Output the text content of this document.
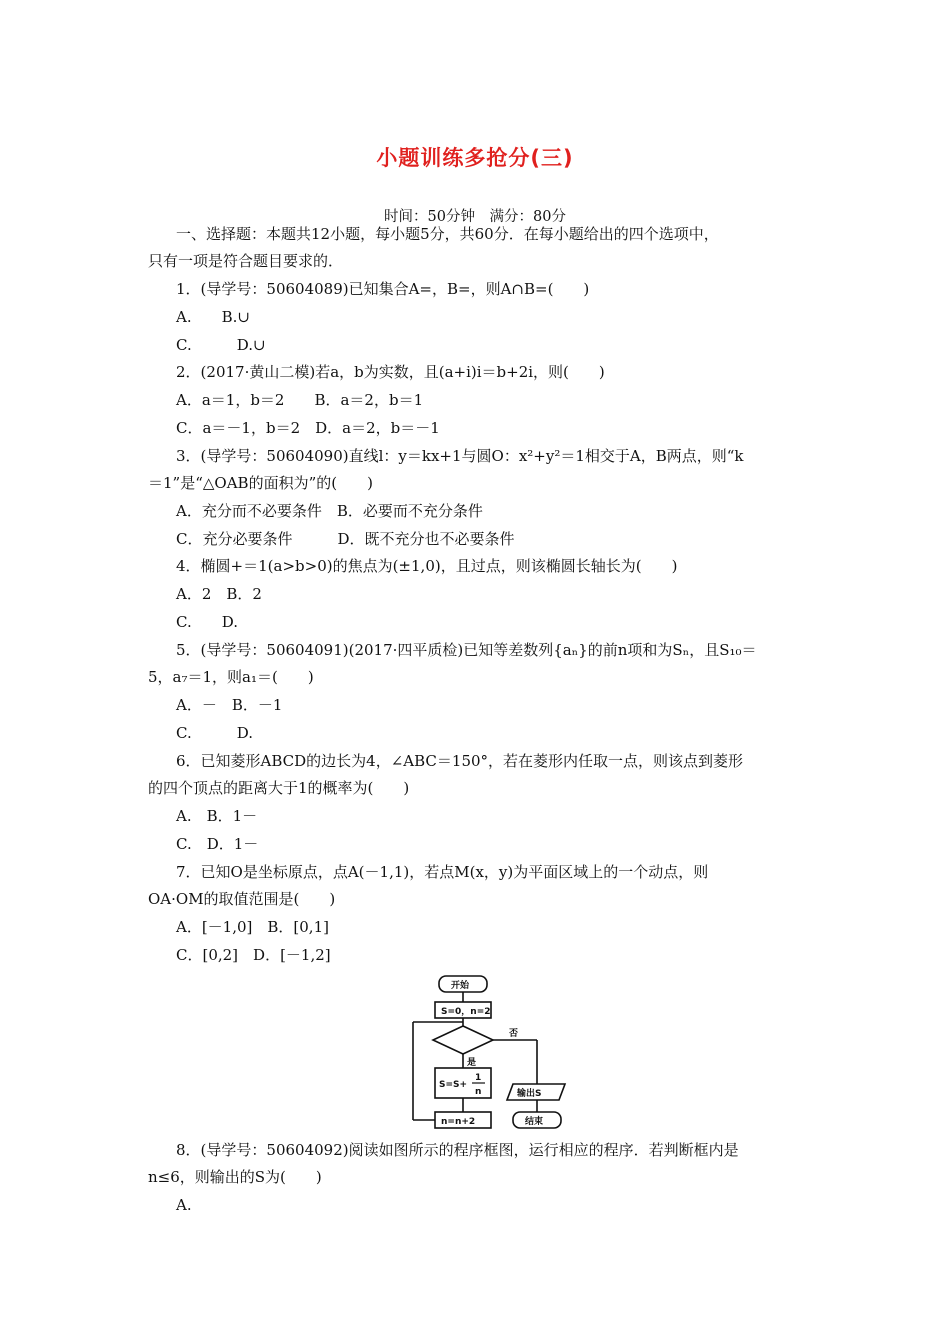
小题训练多抢分(三)
时间：50分钟　满分：80分
一、选择题：本题共12小题，每小题5分，共60分．在每小题给出的四个选项中，
只有一项是符合题目要求的．
1．(导学号：50604089)已知集合A=，B=，则A∩B=(　　)
A.　　B.∪
C.　　　D.∪
2．(2017·黄山二模)若a，b为实数，且(a+i)i＝b+2i，则(　　)
A．a＝1，b＝2　　B．a＝2，b＝1
C．a＝－1，b＝2　D．a＝2，b＝－1
3．(导学号：50604090)直线l：y＝kx+1与圆O：x²+y²＝1相交于A，B两点，则“k
＝1”是“△OAB的面积为”的(　　)
A．充分而不必要条件　B．必要而不充分条件
C．充分必要条件　　　D．既不充分也不必要条件
4．椭圆+＝1(a>b>0)的焦点为(±1,0)，且过点，则该椭圆长轴长为(　　)
A．2　B．2
C.　　D.
5．(导学号：50604091)(2017·四平质检)已知等差数列{aₙ}的前n项和为Sₙ，且S₁₀＝
5，a₇＝1，则a₁＝(　　)
A．－　B．－1
C.　　　D.
6．已知菱形ABCD的边长为4，∠ABC＝150°，若在菱形内任取一点，则该点到菱形
的四个顶点的距离大于1的概率为(　　)
A.　B．1－
C.　D．1－
7．已知O是坐标原点，点A(－1,1)，若点M(x，y)为平面区域上的一个动点，则
OA·OM的取值范围是(　　)
A．[－1,0]　B．[0,1]
C．[0,2]　D．[－1,2]
开始
S=0，n=2
否
是
S=S+
1
n	输出S
结束
n=n+2
8．(导学号：50604092)阅读如图所示的程序框图，运行相应的程序．若判断框内是
n≤6，则输出的S为(　　)
A.
